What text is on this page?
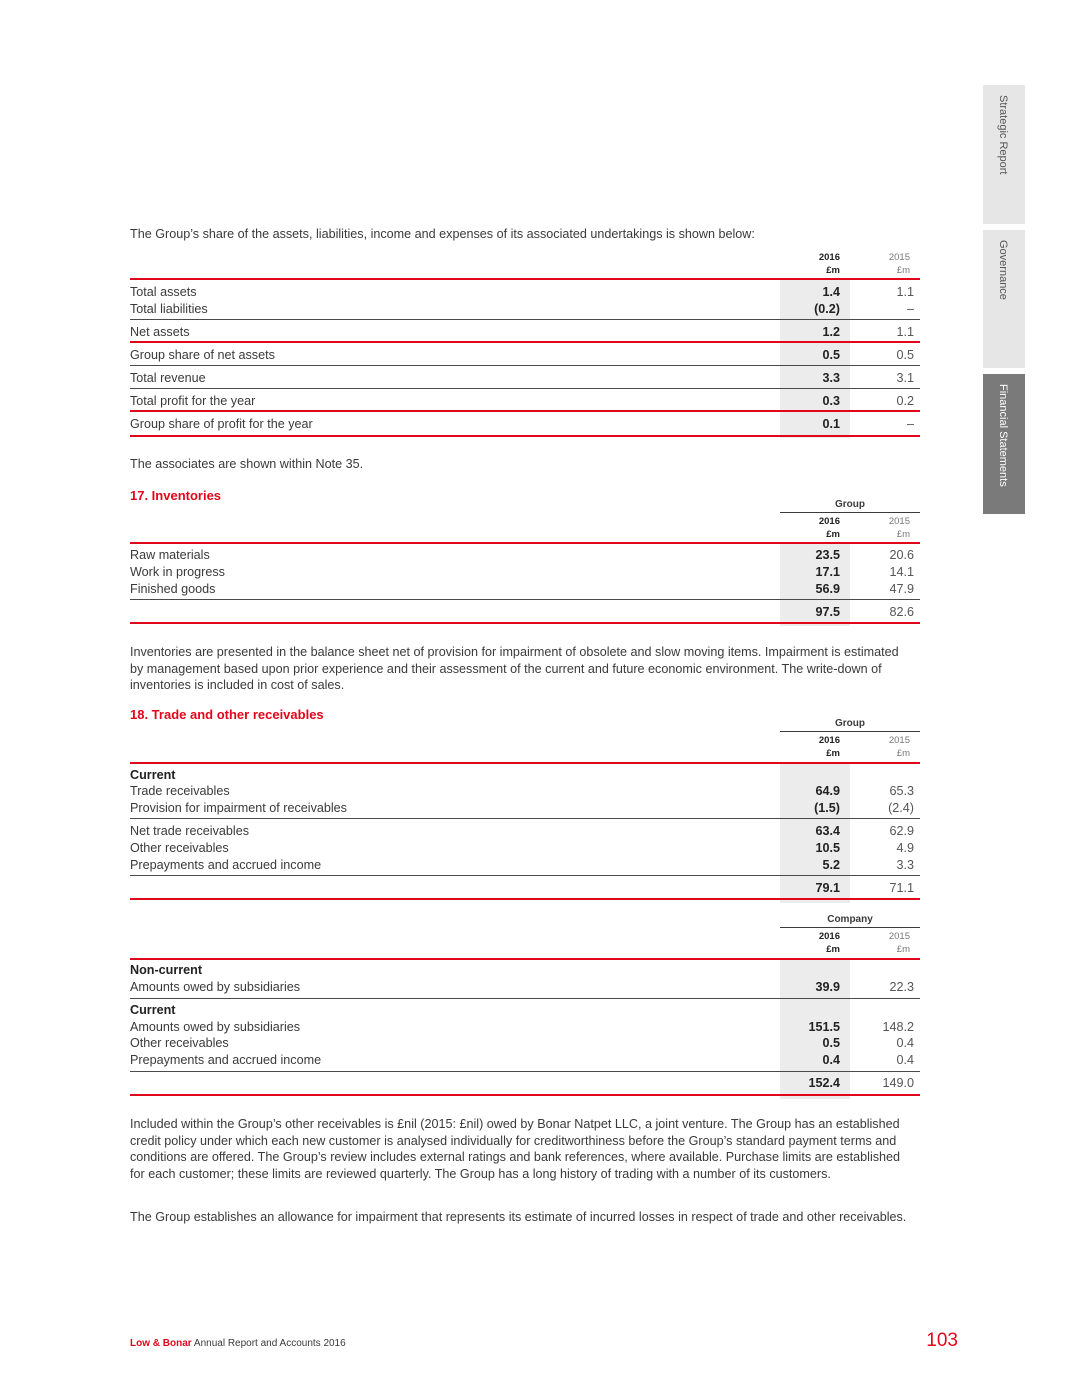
The Group’s share of the assets, liabilities, income and expenses of its associated undertakings is shown below:

2016
£m
2015
£m
Total assets	1.4	1.1
Total liabilities	(0.2)	–
Net assets	1.2	1.1
Group share of net assets	0.5	0.5
Total revenue	3.3	3.1
Total profit for the year	0.3	0.2
Group share of profit for the year	0.1	–

The associates are shown within Note 35.

17. Inventories
Group
2016
£m
2015
£m
Raw materials	23.5	20.6
Work in progress	17.1	14.1
Finished goods	56.9	47.9
97.5	82.6

Inventories are presented in the balance sheet net of provision for impairment of obsolete and slow moving items. Impairment is estimated by management based upon prior experience and their assessment of the current and future economic environment. The write-down of inventories is included in cost of sales.

18. Trade and other receivables
Group
2016
£m
2015
£m
Current
Trade receivables	64.9	65.3
Provision for impairment of receivables	(1.5)	(2.4)
Net trade receivables	63.4	62.9
Other receivables	10.5	4.9
Prepayments and accrued income	5.2	3.3
79.1	71.1
Company
2016
£m
2015
£m
Non-current
Amounts owed by subsidiaries	39.9	22.3
Current
Amounts owed by subsidiaries	151.5	148.2
Other receivables	0.5	0.4
Prepayments and accrued income	0.4	0.4
152.4	149.0

Included within the Group’s other receivables is £nil (2015: £nil) owed by Bonar Natpet LLC, a joint venture. The Group has an established credit policy under which each new customer is analysed individually for creditworthiness before the Group’s standard payment terms and conditions are offered. The Group’s review includes external ratings and bank references, where available. Purchase limits are established for each customer; these limits are reviewed quarterly. The Group has a long history of trading with a number of its customers.

The Group establishes an allowance for impairment that represents its estimate of incurred losses in respect of trade and other receivables.

Strategic Report
Governance
Financial Statements
Low & Bonar Annual Report and Accounts 2016	103
